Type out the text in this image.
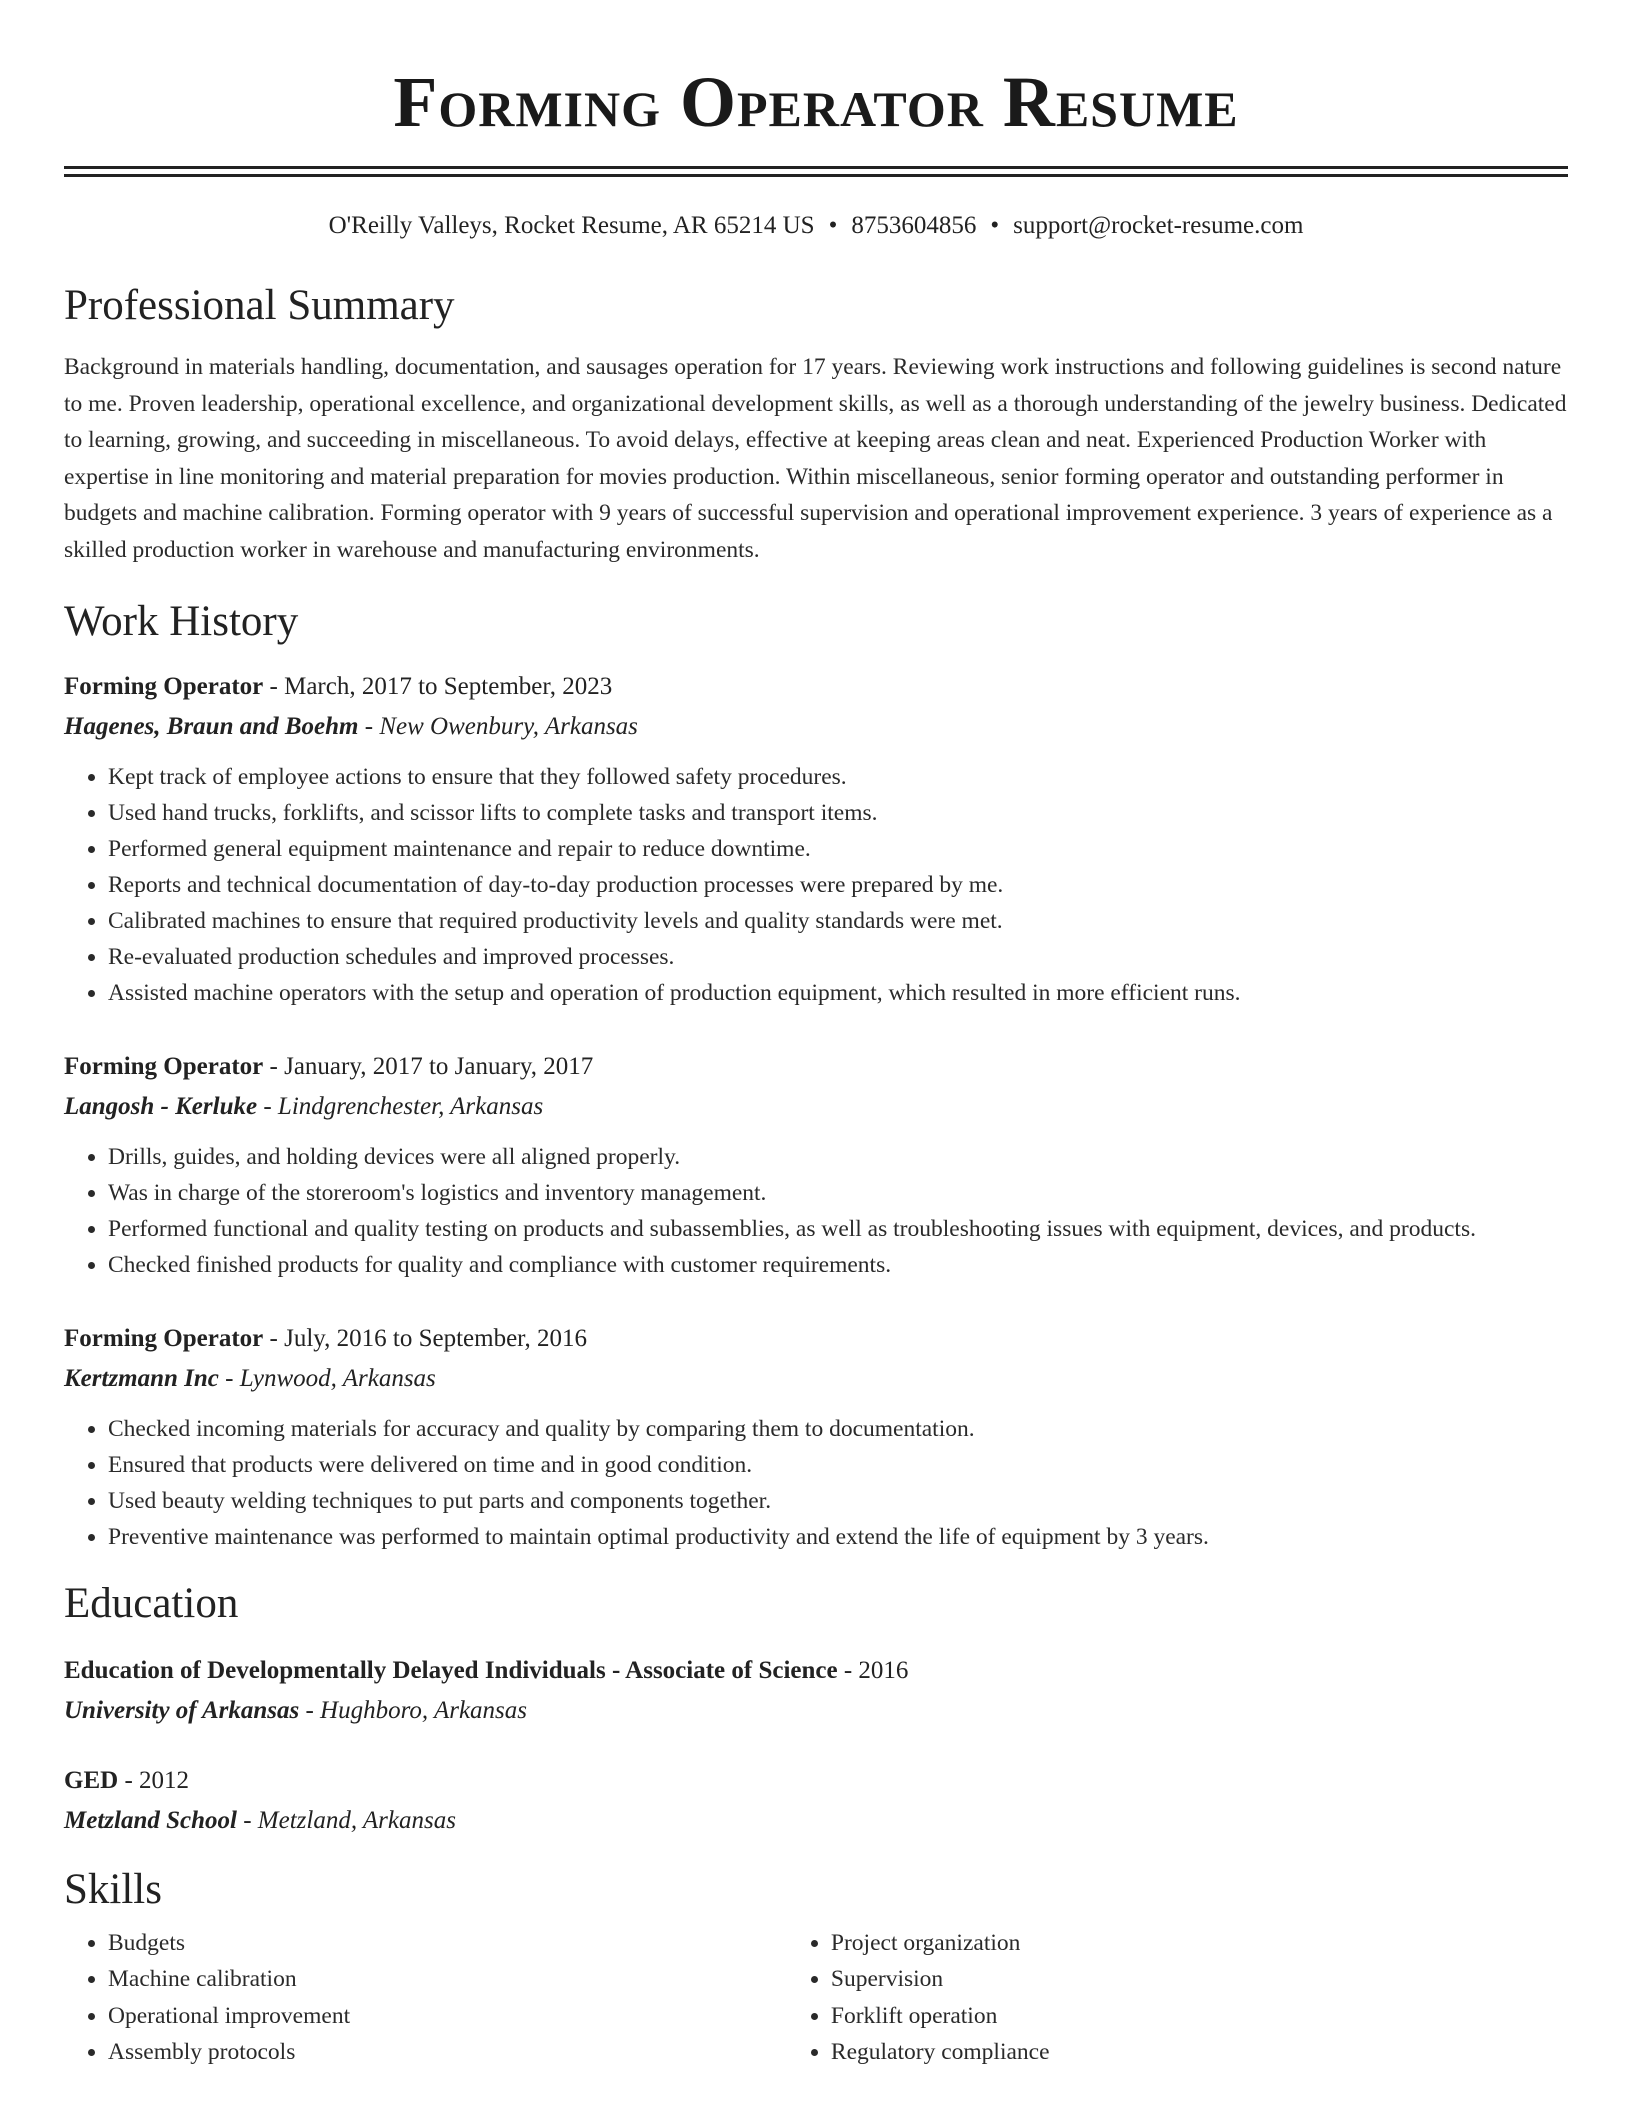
Forming Operator Resume
O'Reilly Valleys, Rocket Resume, AR 65214 US • 8753604856 • support@rocket-resume.com
Professional Summary
Background in materials handling, documentation, and sausages operation for 17 years. Reviewing work instructions and following guidelines is second nature to me. Proven leadership, operational excellence, and organizational development skills, as well as a thorough understanding of the jewelry business. Dedicated to learning, growing, and succeeding in miscellaneous. To avoid delays, effective at keeping areas clean and neat. Experienced Production Worker with expertise in line monitoring and material preparation for movies production. Within miscellaneous, senior forming operator and outstanding performer in budgets and machine calibration. Forming operator with 9 years of successful supervision and operational improvement experience. 3 years of experience as a skilled production worker in warehouse and manufacturing environments.
Work History
Forming Operator - March, 2017 to September, 2023
Hagenes, Braun and Boehm - New Owenbury, Arkansas
• Kept track of employee actions to ensure that they followed safety procedures.
• Used hand trucks, forklifts, and scissor lifts to complete tasks and transport items.
• Performed general equipment maintenance and repair to reduce downtime.
• Reports and technical documentation of day-to-day production processes were prepared by me.
• Calibrated machines to ensure that required productivity levels and quality standards were met.
• Re-evaluated production schedules and improved processes.
• Assisted machine operators with the setup and operation of production equipment, which resulted in more efficient runs.
Forming Operator - January, 2017 to January, 2017
Langosh - Kerluke - Lindgrenchester, Arkansas
• Drills, guides, and holding devices were all aligned properly.
• Was in charge of the storeroom's logistics and inventory management.
• Performed functional and quality testing on products and subassemblies, as well as troubleshooting issues with equipment, devices, and products.
• Checked finished products for quality and compliance with customer requirements.
Forming Operator - July, 2016 to September, 2016
Kertzmann Inc - Lynwood, Arkansas
• Checked incoming materials for accuracy and quality by comparing them to documentation.
• Ensured that products were delivered on time and in good condition.
• Used beauty welding techniques to put parts and components together.
• Preventive maintenance was performed to maintain optimal productivity and extend the life of equipment by 3 years.
Education
Education of Developmentally Delayed Individuals - Associate of Science - 2016
University of Arkansas - Hughboro, Arkansas
GED - 2012
Metzland School - Metzland, Arkansas
Skills
• Budgets
• Machine calibration
• Operational improvement
• Assembly protocols
• Project organization
• Supervision
• Forklift operation
• Regulatory compliance
